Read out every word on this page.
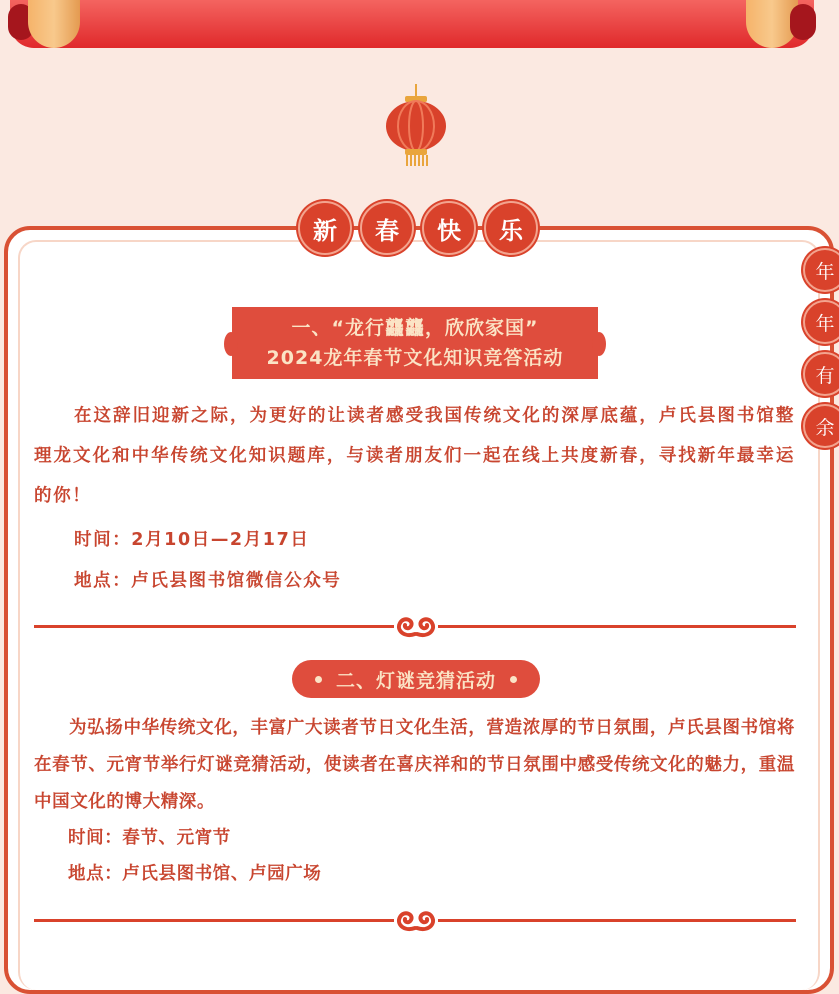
新	春	快	乐
年
年
有
余
一、“龙行龘龘，欣欣家国”
2024龙年春节文化知识竞答活动

在这辞旧迎新之际，为更好的让读者感受我国传统文化的深厚底蕴，卢氏县图书馆整理龙文化和中华传统文化知识题库，与读者朋友们一起在线上共度新春，寻找新年最幸运的你！

时间：2月10日—2月17日

地点：卢氏县图书馆微信公众号

二、灯谜竞猜活动

为弘扬中华传统文化，丰富广大读者节日文化生活，营造浓厚的节日氛围，卢氏县图书馆将在春节、元宵节举行灯谜竞猜活动，使读者在喜庆祥和的节日氛围中感受传统文化的魅力，重温中国文化的博大精深。

时间：春节、元宵节

地点：卢氏县图书馆、卢园广场
